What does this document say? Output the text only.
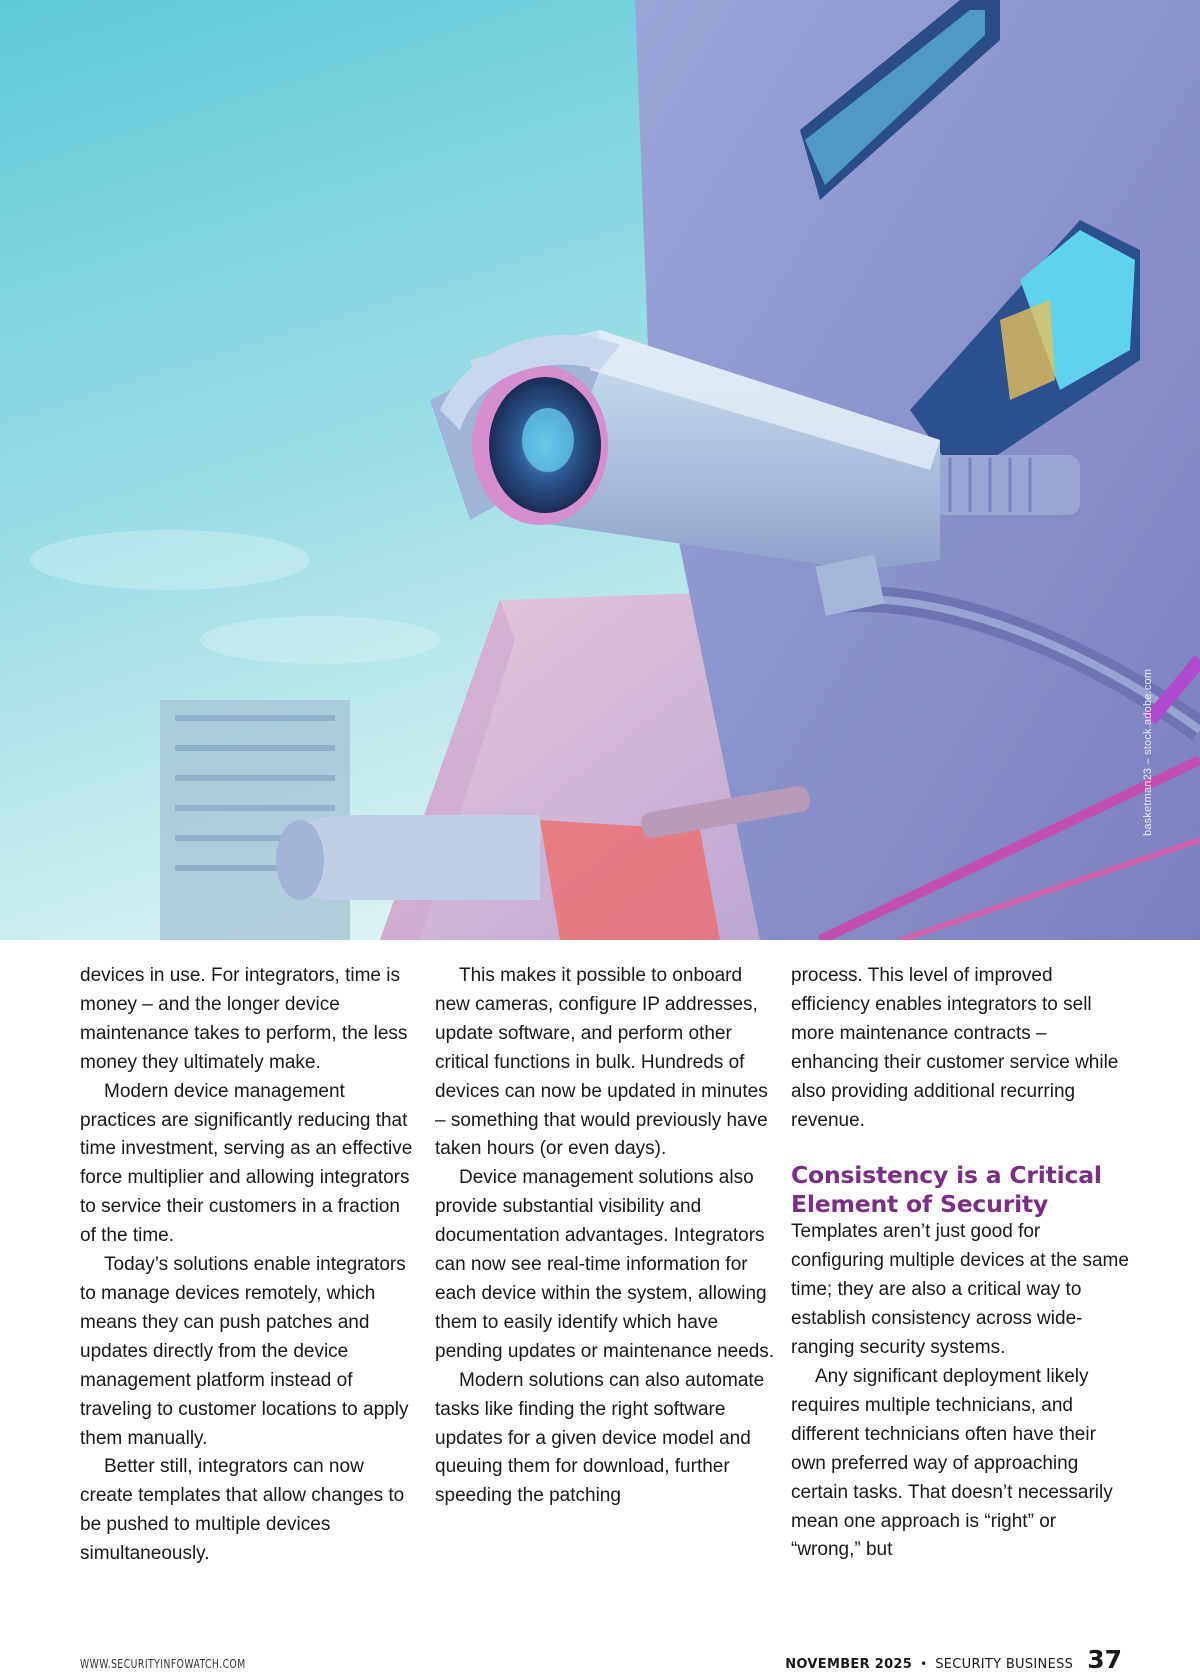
basketman23 – stock.adobe.com

devices in use. For integrators, time is money – and the longer device maintenance takes to perform, the less money they ultimately make.

Modern device management practices are significantly reducing that time investment, serving as an effective force multiplier and allowing integrators to service their customers in a fraction of the time.

Today’s solutions enable integrators to manage devices remotely, which means they can push patches and updates directly from the device management platform instead of traveling to customer locations to apply them manually.

Better still, integrators can now create templates that allow changes to be pushed to multiple devices simultaneously.

This makes it possible to onboard new cameras, configure IP addresses, update software, and perform other critical functions in bulk. Hundreds of devices can now be updated in minutes – something that would previously have taken hours (or even days).

Device management solutions also provide substantial visibility and documentation advantages. Integrators can now see real-time information for each device within the system, allowing them to easily identify which have pending updates or maintenance needs.

Modern solutions can also automate tasks like finding the right software updates for a given device model and queuing them for download, further speeding the patching

process. This level of improved efficiency enables integrators to sell more maintenance contracts – enhancing their customer service while also providing additional recurring revenue.

Consistency is a Critical Element of Security

Templates aren’t just good for configuring multiple devices at the same time; they are also a critical way to establish consistency across wide-ranging security systems.

Any significant deployment likely requires multiple technicians, and different technicians often have their own preferred way of approaching certain tasks. That doesn’t necessarily mean one approach is “right” or “wrong,” but

WWW.SECURITYINFOWATCH.COM	NOVEMBER 2025 • SECURITY BUSINESS 37
